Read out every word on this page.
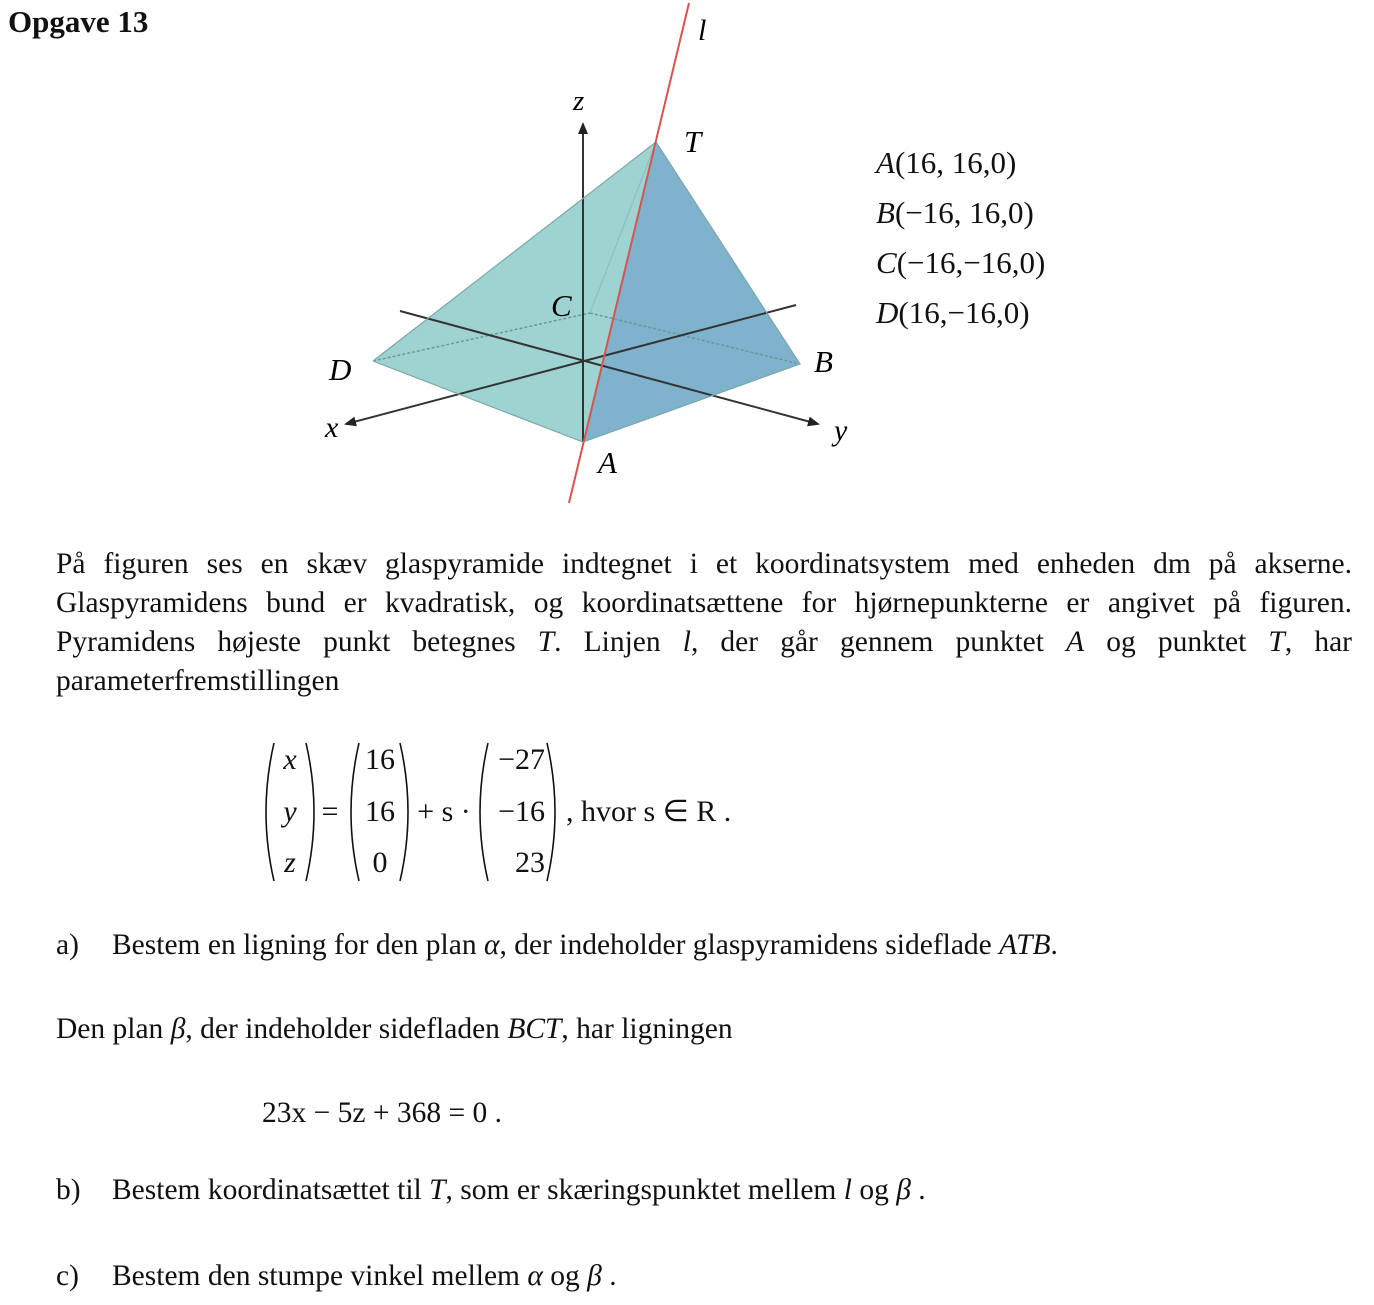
Opgave 13	l
z
T
C
D	B
x	y
A
A(16, 16,0)
B(−16, 16,0)
C(−16,−16,0)
D(16,−16,0)
På figuren ses en skæv glaspyramide indtegnet i et koordinatsystem med enheden dm på akserne. Glaspyramidens bund er kvadratisk, og koordinatsættene for hjørnepunkterne er angivet på figuren. Pyramidens højeste punkt betegnes T. Linjen l, der går gennem punktet A og punktet T, har parameterfremstillingen
x
y
z
=
16
16
0
+ s ·
−27
−16
23
, hvor s ∈ R .
a) Bestem en ligning for den plan α, der indeholder glaspyramidens sideflade ATB.
Den plan β, der indeholder sidefladen BCT, har ligningen
23x − 5z + 368 = 0 .
b) Bestem koordinatsættet til T, som er skæringspunktet mellem l og β .
c) Bestem den stumpe vinkel mellem α og β .
